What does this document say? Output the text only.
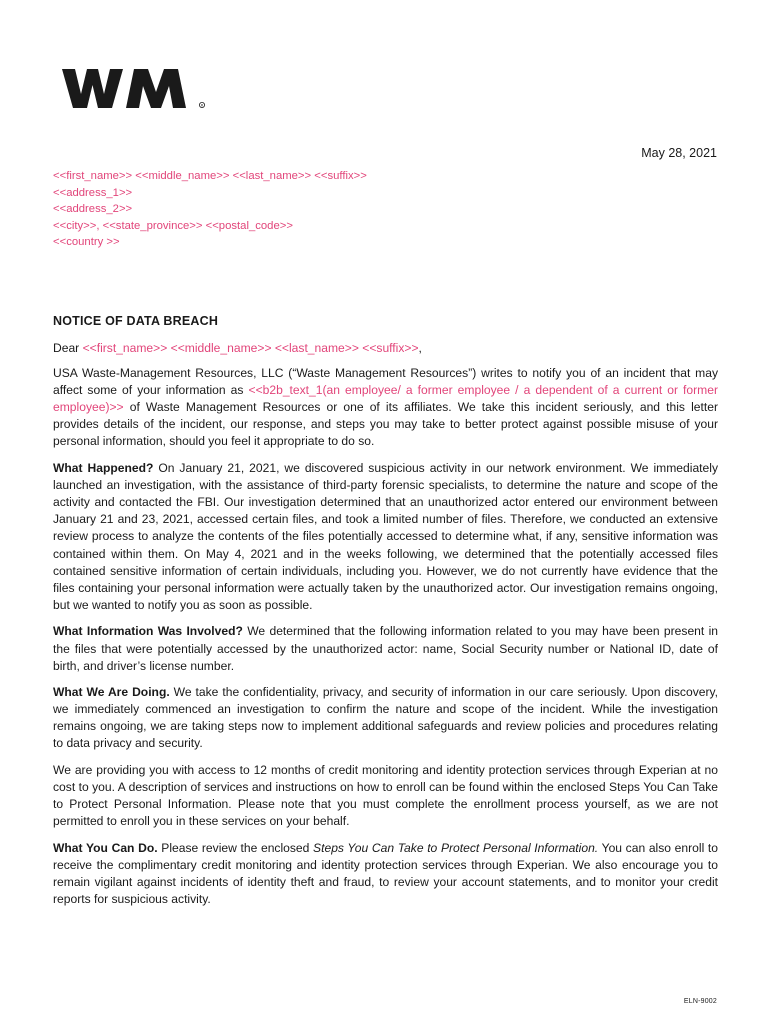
R
May 28, 2021
<<first_name>> <<middle_name>> <<last_name>> <<suffix>>
<<address_1>>
<<address_2>>
<<city>>, <<state_province>> <<postal_code>>
<<country >>
NOTICE OF DATA BREACH

Dear <<first_name>> <<middle_name>> <<last_name>> <<suffix>>,

USA Waste-Management Resources, LLC (“Waste Management Resources”) writes to notify you of an incident that may affect some of your information as <<b2b_text_1(an employee/ a former employee / a dependent of a current or former employee)>> of Waste Management Resources or one of its affiliates. We take this incident seriously, and this letter provides details of the incident, our response, and steps you may take to better protect against possible misuse of your personal information, should you feel it appropriate to do so.

What Happened? On January 21, 2021, we discovered suspicious activity in our network environment. We immediately launched an investigation, with the assistance of third-party forensic specialists, to determine the nature and scope of the activity and contacted the FBI. Our investigation determined that an unauthorized actor entered our environment between January 21 and 23, 2021, accessed certain files, and took a limited number of files. Therefore, we conducted an extensive review process to analyze the contents of the files potentially accessed to determine what, if any, sensitive information was contained within them. On May 4, 2021 and in the weeks following, we determined that the potentially accessed files contained sensitive information of certain individuals, including you. However, we do not currently have evidence that the files containing your personal information were actually taken by the unauthorized actor. Our investigation remains ongoing, but we wanted to notify you as soon as possible.

What Information Was Involved? We determined that the following information related to you may have been present in the files that were potentially accessed by the unauthorized actor: name, Social Security number or National ID, date of birth, and driver’s license number.

What We Are Doing. We take the confidentiality, privacy, and security of information in our care seriously. Upon discovery, we immediately commenced an investigation to confirm the nature and scope of the incident. While the investigation remains ongoing, we are taking steps now to implement additional safeguards and review policies and procedures relating to data privacy and security.

We are providing you with access to 12 months of credit monitoring and identity protection services through Experian at no cost to you. A description of services and instructions on how to enroll can be found within the enclosed Steps You Can Take to Protect Personal Information. Please note that you must complete the enrollment process yourself, as we are not permitted to enroll you in these services on your behalf.

What You Can Do. Please review the enclosed Steps You Can Take to Protect Personal Information. You can also enroll to receive the complimentary credit monitoring and identity protection services through Experian. We also encourage you to remain vigilant against incidents of identity theft and fraud, to review your account statements, and to monitor your credit reports for suspicious activity.

ELN-9002
